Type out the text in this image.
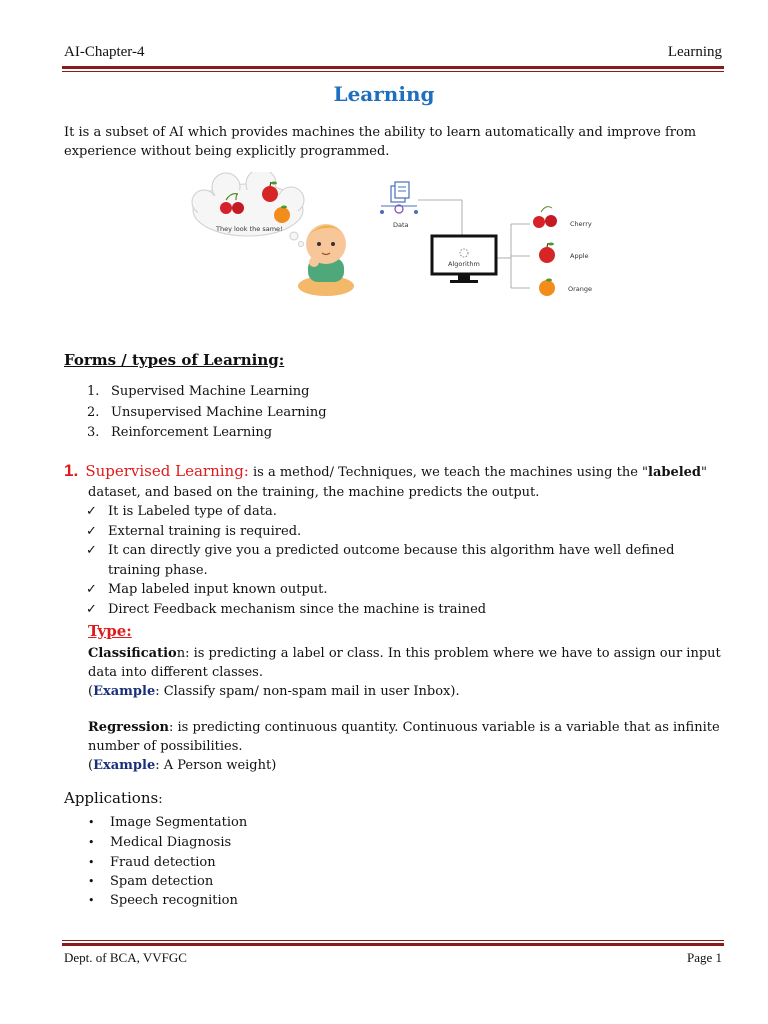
AI-Chapter-4	Learning
Learning
It is a subset of AI which provides machines the ability to learn automatically and improve from
experience without being explicitly programmed.
They look the same!	Data
Algorithm
Cherry
Apple
Orange
Forms / types of Learning:
1. Supervised Machine Learning
2. Unsupervised Machine Learning
3. Reinforcement Learning
1. Supervised Learning: is a method/ Techniques, we teach the machines using the "labeled"
dataset, and based on the training, the machine predicts the output.
✓ It is Labeled type of data.
✓ External training is required.
✓ It can directly give you a predicted outcome because this algorithm have well defined
training phase.
✓ Map labeled input known output.
✓ Direct Feedback mechanism since the machine is trained
Type:
Classification: is predicting a label or class. In this problem where we have to assign our input
data into different classes.
(Example: Classify spam/ non-spam mail in user Inbox).
Regression: is predicting continuous quantity. Continuous variable is a variable that as infinite
number of possibilities.
(Example: A Person weight)
Applications:
•	Image Segmentation
•	Medical Diagnosis
•	Fraud detection
•	Spam detection
•	Speech recognition
Dept. of BCA, VVFGC	Page 1
